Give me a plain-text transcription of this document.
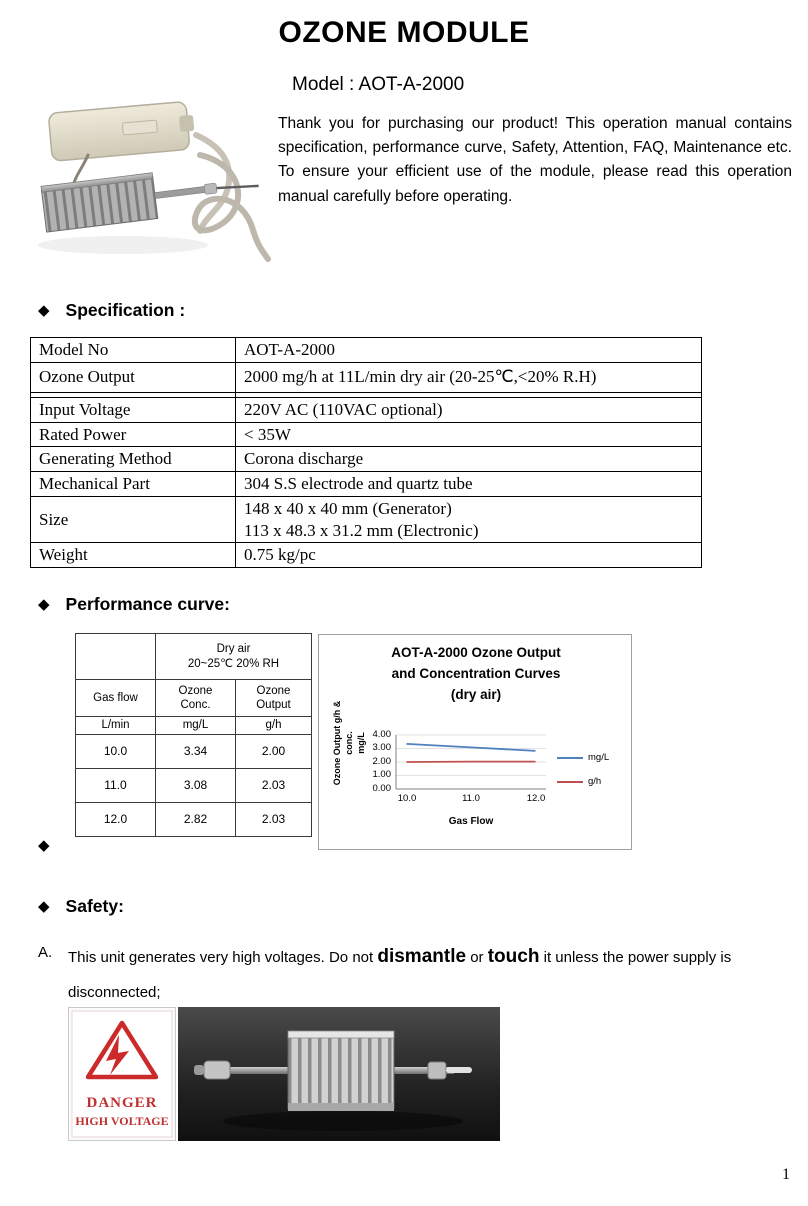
OZONE MODULE
Model : AOT-A-2000
Thank you for purchasing our product! This operation manual contains specification, performance curve, Safety, Attention, FAQ, Maintenance etc. To ensure your efficient use of the module, please read this operation manual carefully before operating.
◆ Specification :
Model No	AOT-A-2000
Ozone Output	2000 mg/h at 11L/min dry air (20-25℃,<20% R.H)

Input Voltage	220V AC (110VAC optional)
Rated Power	< 35W
Generating Method	Corona discharge
Mechanical Part	304 S.S electrode and quartz tube
Size	148 x 40 x 40 mm (Generator)
113 x 48.3 x 31.2 mm (Electronic)

Weight	0.75 kg/pc
◆ Performance curve:

	Dry air
20~25℃ 20% RH	

Gas flow	Ozone Conc.	Ozone Output
L/min	mg/L	g/h
10.0	3.34	2.00
11.0	3.08	2.03
12.0	2.82	2.03
AOT-A-2000 Ozone Output
and Concentration Curves
(dry air)
Ozone Output g/h & conc. mg/L 4.00
3.00
2.00
1.00
0.00
10.0	11.0	12.0
Gas Flow
mg/L
g/h
◆
◆ Safety:
A.	This unit generates very high voltages. Do not dismantle or touch it unless the power supply is
disconnected;
DANGER
HIGH VOLTAGE
1
